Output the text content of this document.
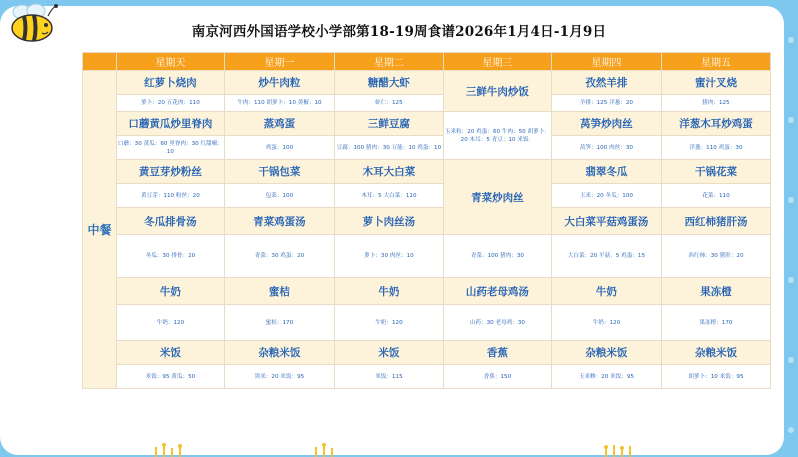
南京河西外国语学校小学部第18-19周食谱2026年1月4日-1月9日
	星期天	星期一	星期二	星期三	星期四	星期五
中餐	红萝卜烧肉	炒牛肉粒	糖醋大虾	三鲜牛肉炒饭	孜然羊排	蜜汁叉烧
	萝卜：20 五花肉：110	牛肉：110 胡萝卜：10 黄椒：10	虾仁：125		羊排：125 洋葱：20	猪肉：125
	口蘑黄瓜炒里脊肉	蒸鸡蛋	三鲜豆腐	玉米粒：20 鸡蛋：60 牛肉：50 胡萝卜：20 木耳：5 青豆：10 米饭：	莴笋炒肉丝	洋葱木耳炒鸡蛋
	口蘑：30 黄瓜：60 里脊肉：30 红甜椒：10	鸡蛋：100	豆腐：100 猪肉：30 万能：10 鸡蛋：10		莴笋：100 肉丝：30	洋葱：110 鸡蛋：30
	黄豆芽炒粉丝	干锅包菜	木耳大白菜	青菜炒肉丝	翡翠冬瓜	干锅花菜
	黄豆芽：110 粉丝：20	包菜：100	木耳：5 大白菜：110		玉米：20 冬瓜：100	花菜：110
	冬瓜排骨汤	青菜鸡蛋汤	萝卜肉丝汤		大白菜平菇鸡蛋汤	西红柿猪肝汤
	冬瓜：30 排骨：20	青菜：30 鸡蛋：20	萝卜：30 肉丝：10	青菜：100 猪肉：30	大白菜：20 平菇：5 鸡蛋：15	西红柿：30 猪肝：20
	牛奶	蜜桔	牛奶	山药老母鸡汤	牛奶	果冻橙
	牛奶：120	蜜桔：170	牛奶：120	山药：30 老母鸡：30	牛奶：120	果冻橙：170
	米饭	杂粮米饭	米饭	香蕉	杂粮米饭	杂粮米饭
	米饭：95 黄瓜：50	黑米：20 米饭：95	米饭：115	香蕉：150	玉米糁：20 米饭：95	胡萝卜：10 米饭：95
